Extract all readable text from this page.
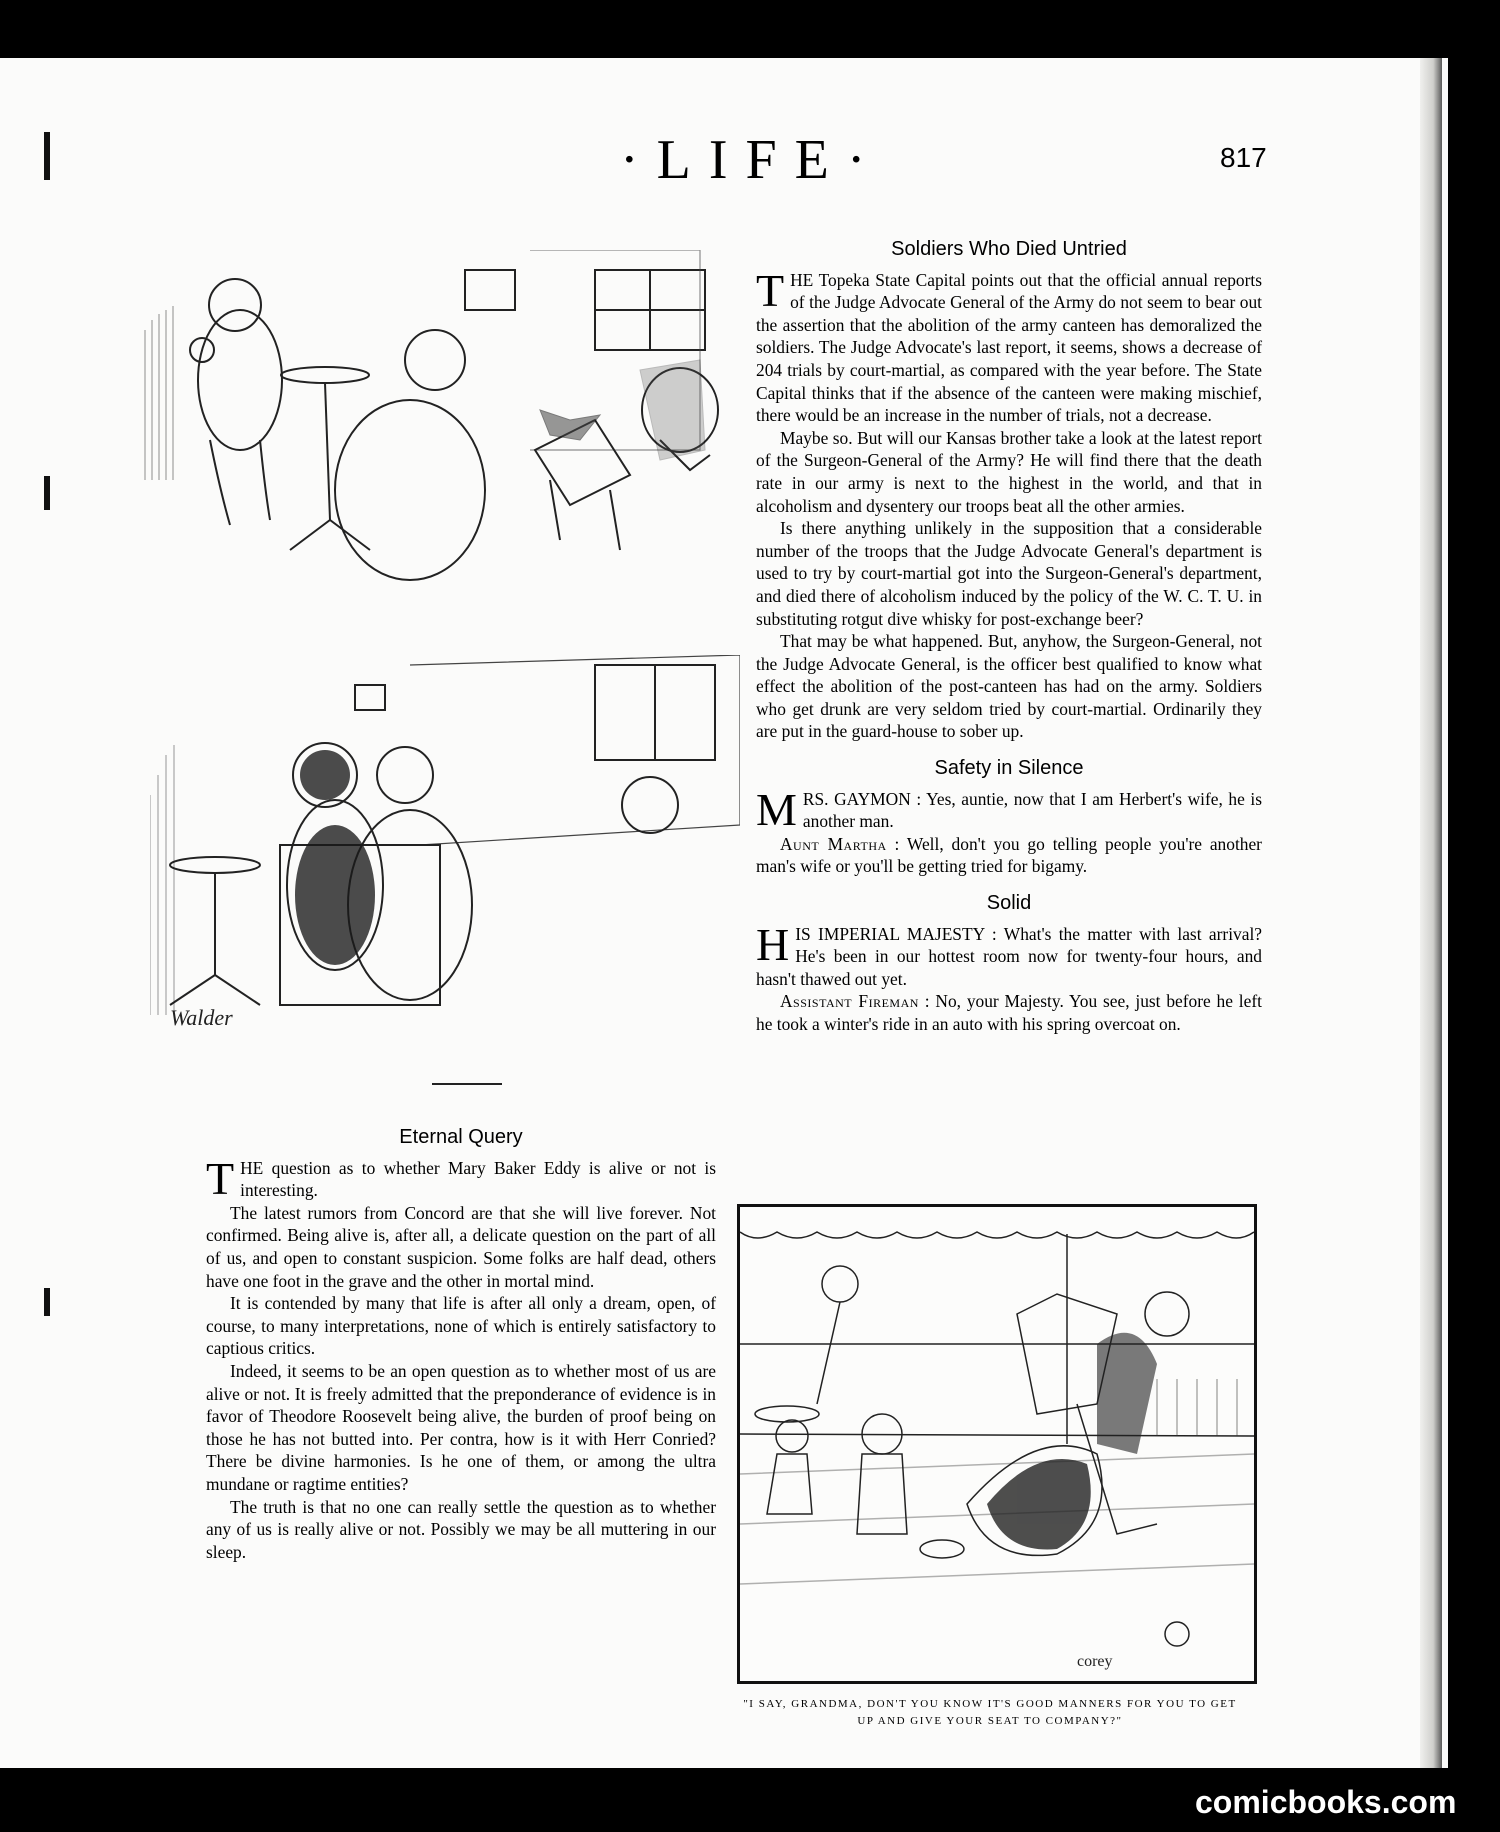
·LIFE·	817
Walder
Eternal Query

THE question as to whether Mary Baker Eddy is alive or not is interesting.

The latest rumors from Concord are that she will live forever. Not confirmed. Being alive is, after all, a delicate question on the part of all of us, and open to constant suspicion. Some folks are half dead, others have one foot in the grave and the other in mortal mind.

It is contended by many that life is after all only a dream, open, of course, to many interpretations, none of which is entirely satisfactory to captious critics.

Indeed, it seems to be an open question as to whether most of us are alive or not. It is freely admitted that the preponderance of evidence is in favor of Theodore Roosevelt being alive, the burden of proof being on those he has not butted into. Per contra, how is it with Herr Conried? There be divine harmonies. Is he one of them, or among the ultra mundane or ragtime entities?

The truth is that no one can really settle the question as to whether any of us is really alive or not. Possibly we may be all muttering in our sleep.

Soldiers Who Died Untried

THE Topeka State Capital points out that the official annual reports of the Judge Advocate General of the Army do not seem to bear out the assertion that the abolition of the army canteen has demoralized the soldiers. The Judge Advocate's last report, it seems, shows a decrease of 204 trials by court-martial, as compared with the year before. The State Capital thinks that if the absence of the canteen were making mischief, there would be an increase in the number of trials, not a decrease.

Maybe so. But will our Kansas brother take a look at the latest report of the Surgeon-General of the Army? He will find there that the death rate in our army is next to the highest in the world, and that in alcoholism and dysentery our troops beat all the other armies.

Is there anything unlikely in the supposition that a considerable number of the troops that the Judge Advocate General's department is used to try by court-martial got into the Surgeon-General's department, and died there of alcoholism induced by the policy of the W. C. T. U. in substituting rotgut dive whisky for post-exchange beer?

That may be what happened. But, anyhow, the Surgeon-General, not the Judge Advocate General, is the officer best qualified to know what effect the abolition of the post-canteen has had on the army. Soldiers who get drunk are very seldom tried by court-martial. Ordinarily they are put in the guard-house to sober up.

Safety in Silence

MRS. GAYMON : Yes, auntie, now that I am Herbert's wife, he is another man.

Aunt Martha : Well, don't you go telling people you're another man's wife or you'll be getting tried for bigamy.

Solid

HIS IMPERIAL MAJESTY : What's the matter with last arrival? He's been in our hottest room now for twenty-four hours, and hasn't thawed out yet.

Assistant Fireman : No, your Majesty. You see, just before he left he took a winter's ride in an auto with his spring overcoat on.

corey
"I SAY, GRANDMA, DON'T YOU KNOW IT'S GOOD MANNERS FOR YOU TO GET
UP AND GIVE YOUR SEAT TO COMPANY?"
comicbooks.com
